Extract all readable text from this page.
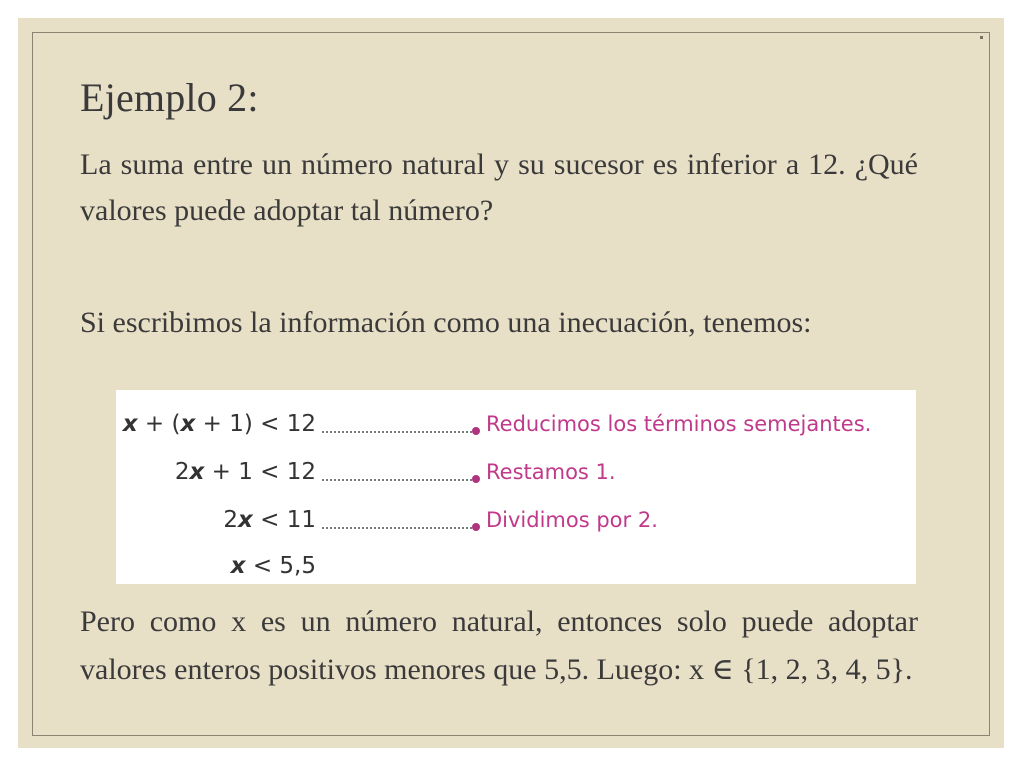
Ejemplo 2:

La suma entre un número natural y su sucesor es inferior a 12. ¿Qué valores puede adoptar tal número?

Si escribimos la información como una inecuación, tenemos:

x + (x + 1) < 12	Reducimos los términos semejantes.
2x + 1 < 12	Restamos 1.
2x < 11	Dividimos por 2.
x < 5,5

Pero como x es un número natural, entonces solo puede adoptar valores enteros positivos menores que 5,5. Luego: x ∈ {1, 2, 3, 4, 5}.
